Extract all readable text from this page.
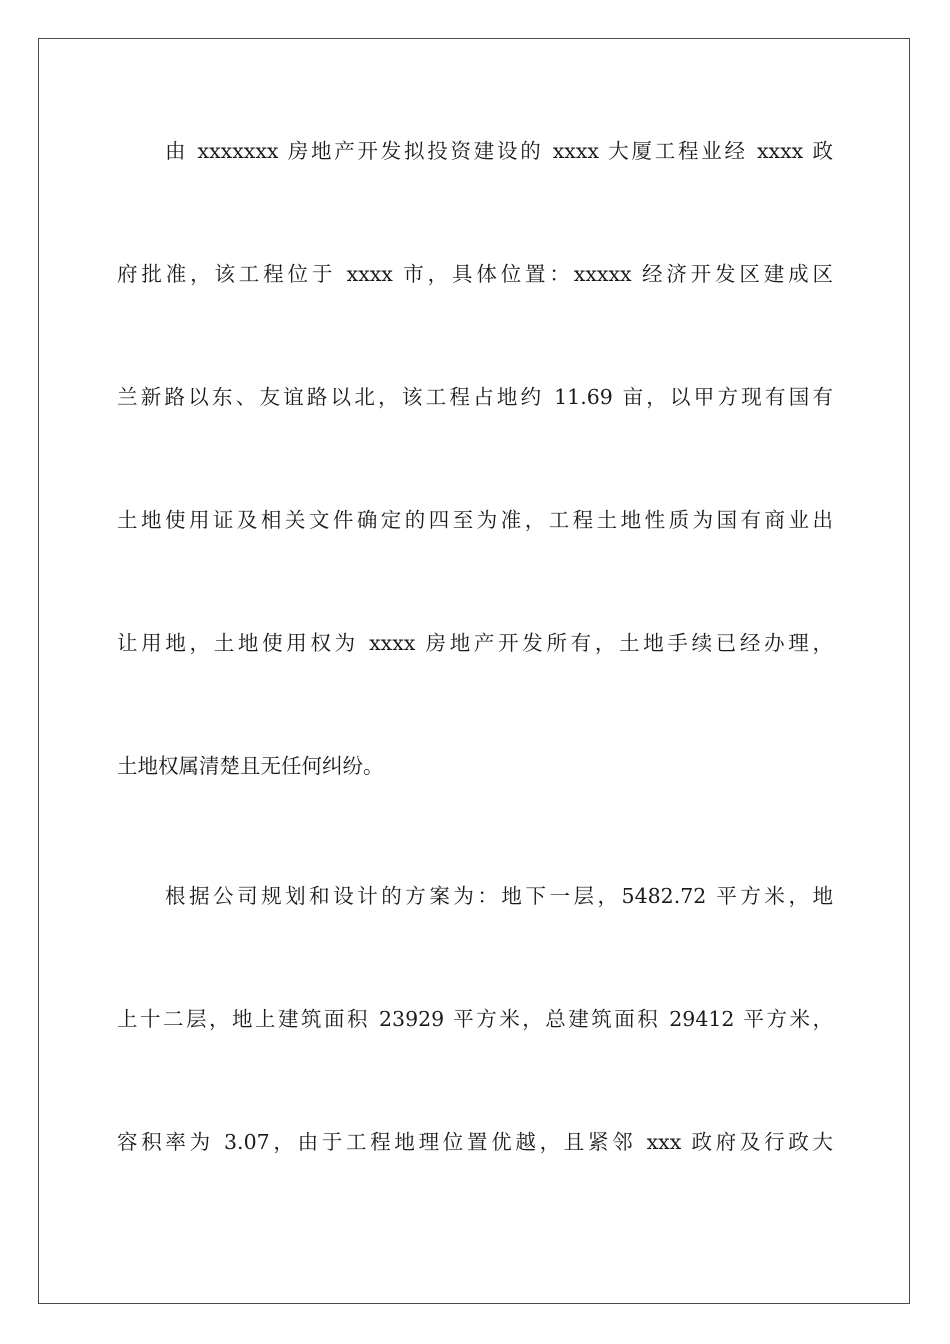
由 xxxxxxx 房地产开发拟投资建设的 xxxx 大厦工程业经 xxxx 政
府批准，该工程位于 xxxx 市，具体位置：xxxxx 经济开发区建成区
兰新路以东、友谊路以北，该工程占地约 11.69 亩，以甲方现有国有
土地使用证及相关文件确定的四至为准，工程土地性质为国有商业出
让用地，土地使用权为 xxxx 房地产开发所有，土地手续已经办理，
土地权属清楚且无任何纠纷。
根据公司规划和设计的方案为：地下一层，5482.72 平方米，地
上十二层，地上建筑面积 23929 平方米，总建筑面积 29412 平方米，
容积率为 3.07，由于工程地理位置优越，且紧邻 xxx 政府及行政大
